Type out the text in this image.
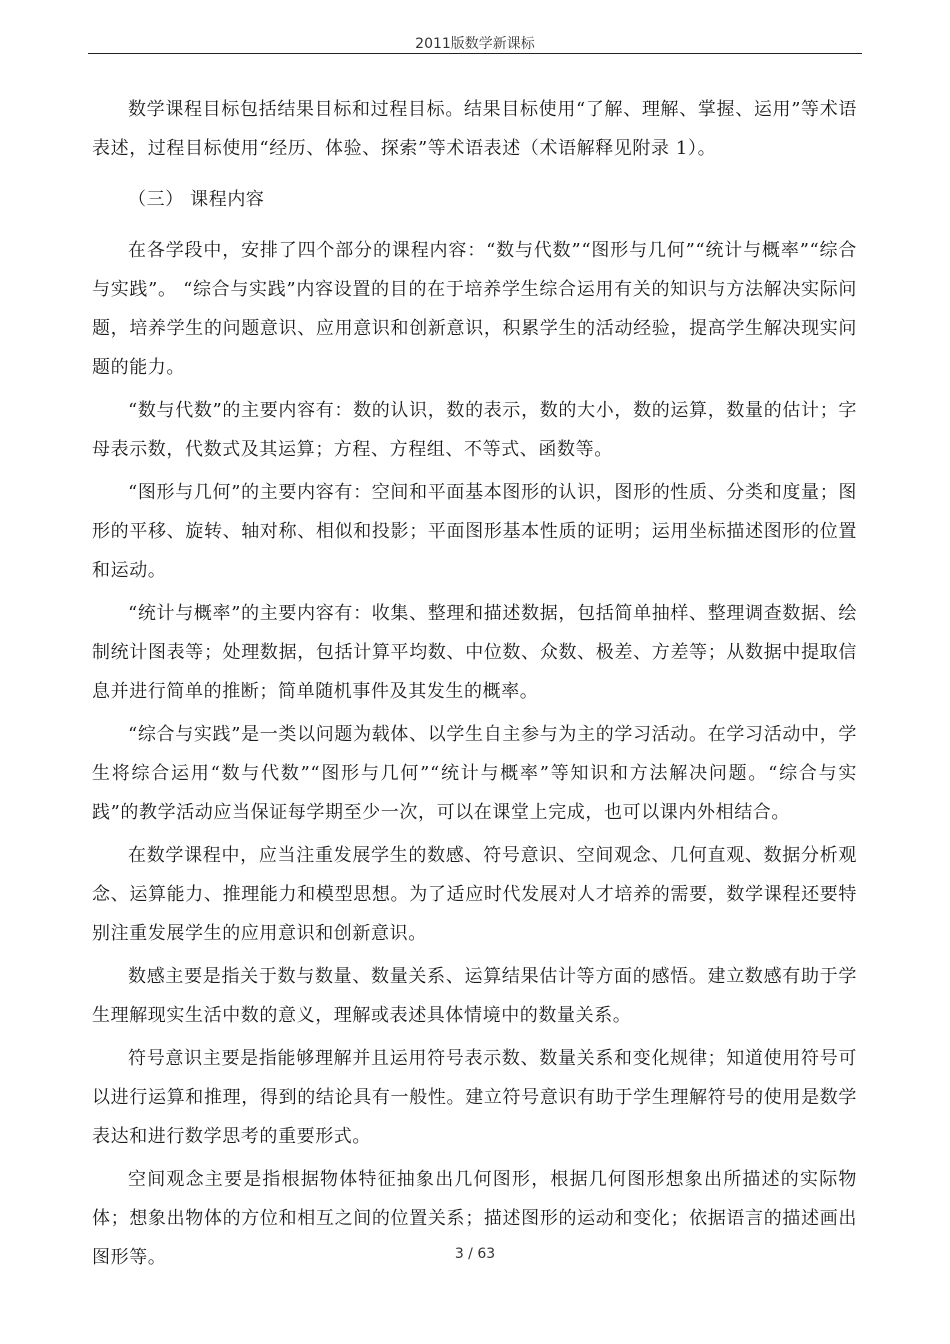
2011版数学新课标

数学课程目标包括结果目标和过程目标。结果目标使用“了解、理解、掌握、运用”等术语表述，过程目标使用“经历、体验、探索”等术语表述（术语解释见附录 1）。

（三） 课程内容

在各学段中，安排了四个部分的课程内容：“数与代数”“图形与几何”“统计与概率”“综合与实践”。 “综合与实践”内容设置的目的在于培养学生综合运用有关的知识与方法解决实际问题，培养学生的问题意识、应用意识和创新意识，积累学生的活动经验，提高学生解决现实问题的能力。

“数与代数”的主要内容有：数的认识，数的表示，数的大小，数的运算，数量的估计；字母表示数，代数式及其运算；方程、方程组、不等式、函数等。

“图形与几何”的主要内容有：空间和平面基本图形的认识，图形的性质、分类和度量；图形的平移、旋转、轴对称、相似和投影；平面图形基本性质的证明；运用坐标描述图形的位置和运动。

“统计与概率”的主要内容有：收集、整理和描述数据，包括简单抽样、整理调查数据、绘制统计图表等；处理数据，包括计算平均数、中位数、众数、极差、方差等；从数据中提取信息并进行简单的推断；简单随机事件及其发生的概率。

“综合与实践”是一类以问题为载体、以学生自主参与为主的学习活动。在学习活动中，学生将综合运用“数与代数”“图形与几何”“统计与概率”等知识和方法解决问题。“综合与实践”的教学活动应当保证每学期至少一次，可以在课堂上完成，也可以课内外相结合。

在数学课程中，应当注重发展学生的数感、符号意识、空间观念、几何直观、数据分析观念、运算能力、推理能力和模型思想。为了适应时代发展对人才培养的需要，数学课程还要特别注重发展学生的应用意识和创新意识。

数感主要是指关于数与数量、数量关系、运算结果估计等方面的感悟。建立数感有助于学生理解现实生活中数的意义，理解或表述具体情境中的数量关系。

符号意识主要是指能够理解并且运用符号表示数、数量关系和变化规律；知道使用符号可以进行运算和推理，得到的结论具有一般性。建立符号意识有助于学生理解符号的使用是数学表达和进行数学思考的重要形式。

空间观念主要是指根据物体特征抽象出几何图形，根据几何图形想象出所描述的实际物体；想象出物体的方位和相互之间的位置关系；描述图形的运动和变化；依据语言的描述画出图形等。	3 / 63
